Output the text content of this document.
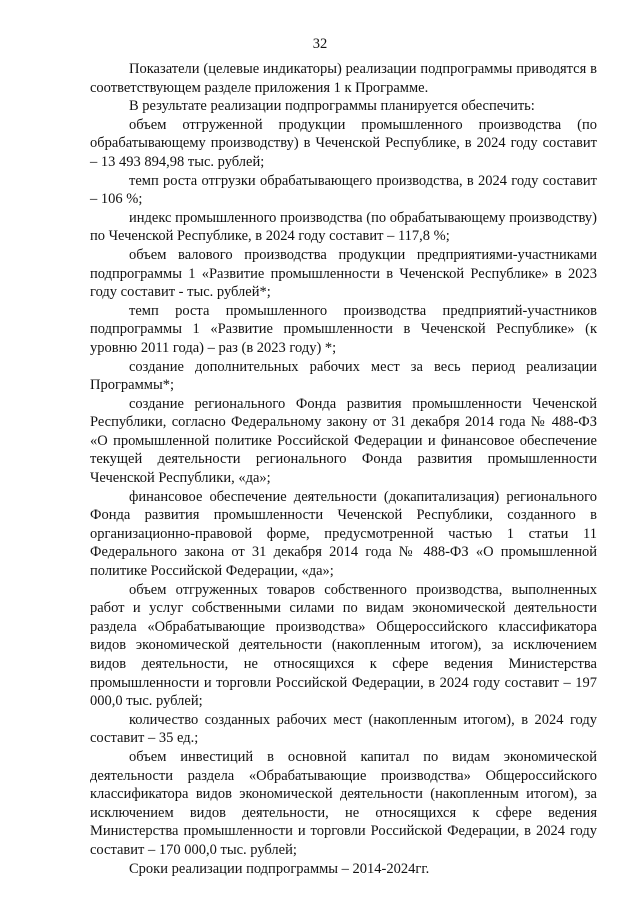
32

Показатели (целевые индикаторы) реализации подпрограммы приводятся в соответствующем разделе приложения 1 к Программе.

В результате реализации подпрограммы планируется обеспечить:

объем отгруженной продукции промышленного производства (по обрабатывающему производству) в Чеченской Республике, в 2024 году составит – 13 493 894,98 тыс. рублей;

темп роста отгрузки обрабатывающего производства, в 2024 году составит – 106 %;

индекс промышленного производства (по обрабатывающему производству) по Чеченской Республике, в 2024 году составит – 117,8 %;

объем валового производства продукции предприятиями-участниками подпрограммы 1 «Развитие промышленности в Чеченской Республике» в 2023 году составит - тыс. рублей*;

темп роста промышленного производства предприятий-участников подпрограммы 1 «Развитие промышленности в Чеченской Республике» (к уровню 2011 года) – раз (в 2023 году) *;

создание дополнительных рабочих мест за весь период реализации Программы*;

создание регионального Фонда развития промышленности Чеченской Республики, согласно Федеральному закону от 31 декабря 2014 года № 488-ФЗ «О промышленной политике Российской Федерации и финансовое обеспечение текущей деятельности регионального Фонда развития промышленности Чеченской Республики, «да»;

финансовое обеспечение деятельности (докапитализация) регионального Фонда развития промышленности Чеченской Республики, созданного в организационно-правовой форме, предусмотренной частью 1 статьи 11 Федерального закона от 31 декабря 2014 года № 488-ФЗ «О промышленной политике Российской Федерации, «да»;

объем отгруженных товаров собственного производства, выполненных работ и услуг собственными силами по видам экономической деятельности раздела «Обрабатывающие производства» Общероссийского классификатора видов экономической деятельности (накопленным итогом), за исключением видов деятельности, не относящихся к сфере ведения Министерства промышленности и торговли Российской Федерации, в 2024 году составит – 197 000,0 тыс. рублей;

количество созданных рабочих мест (накопленным итогом), в 2024 году составит – 35 ед.;

объем инвестиций в основной капитал по видам экономической деятельности раздела «Обрабатывающие производства» Общероссийского классификатора видов экономической деятельности (накопленным итогом), за исключением видов деятельности, не относящихся к сфере ведения Министерства промышленности и торговли Российской Федерации, в 2024 году составит – 170 000,0 тыс. рублей;

Сроки реализации подпрограммы – 2014-2024гг.
